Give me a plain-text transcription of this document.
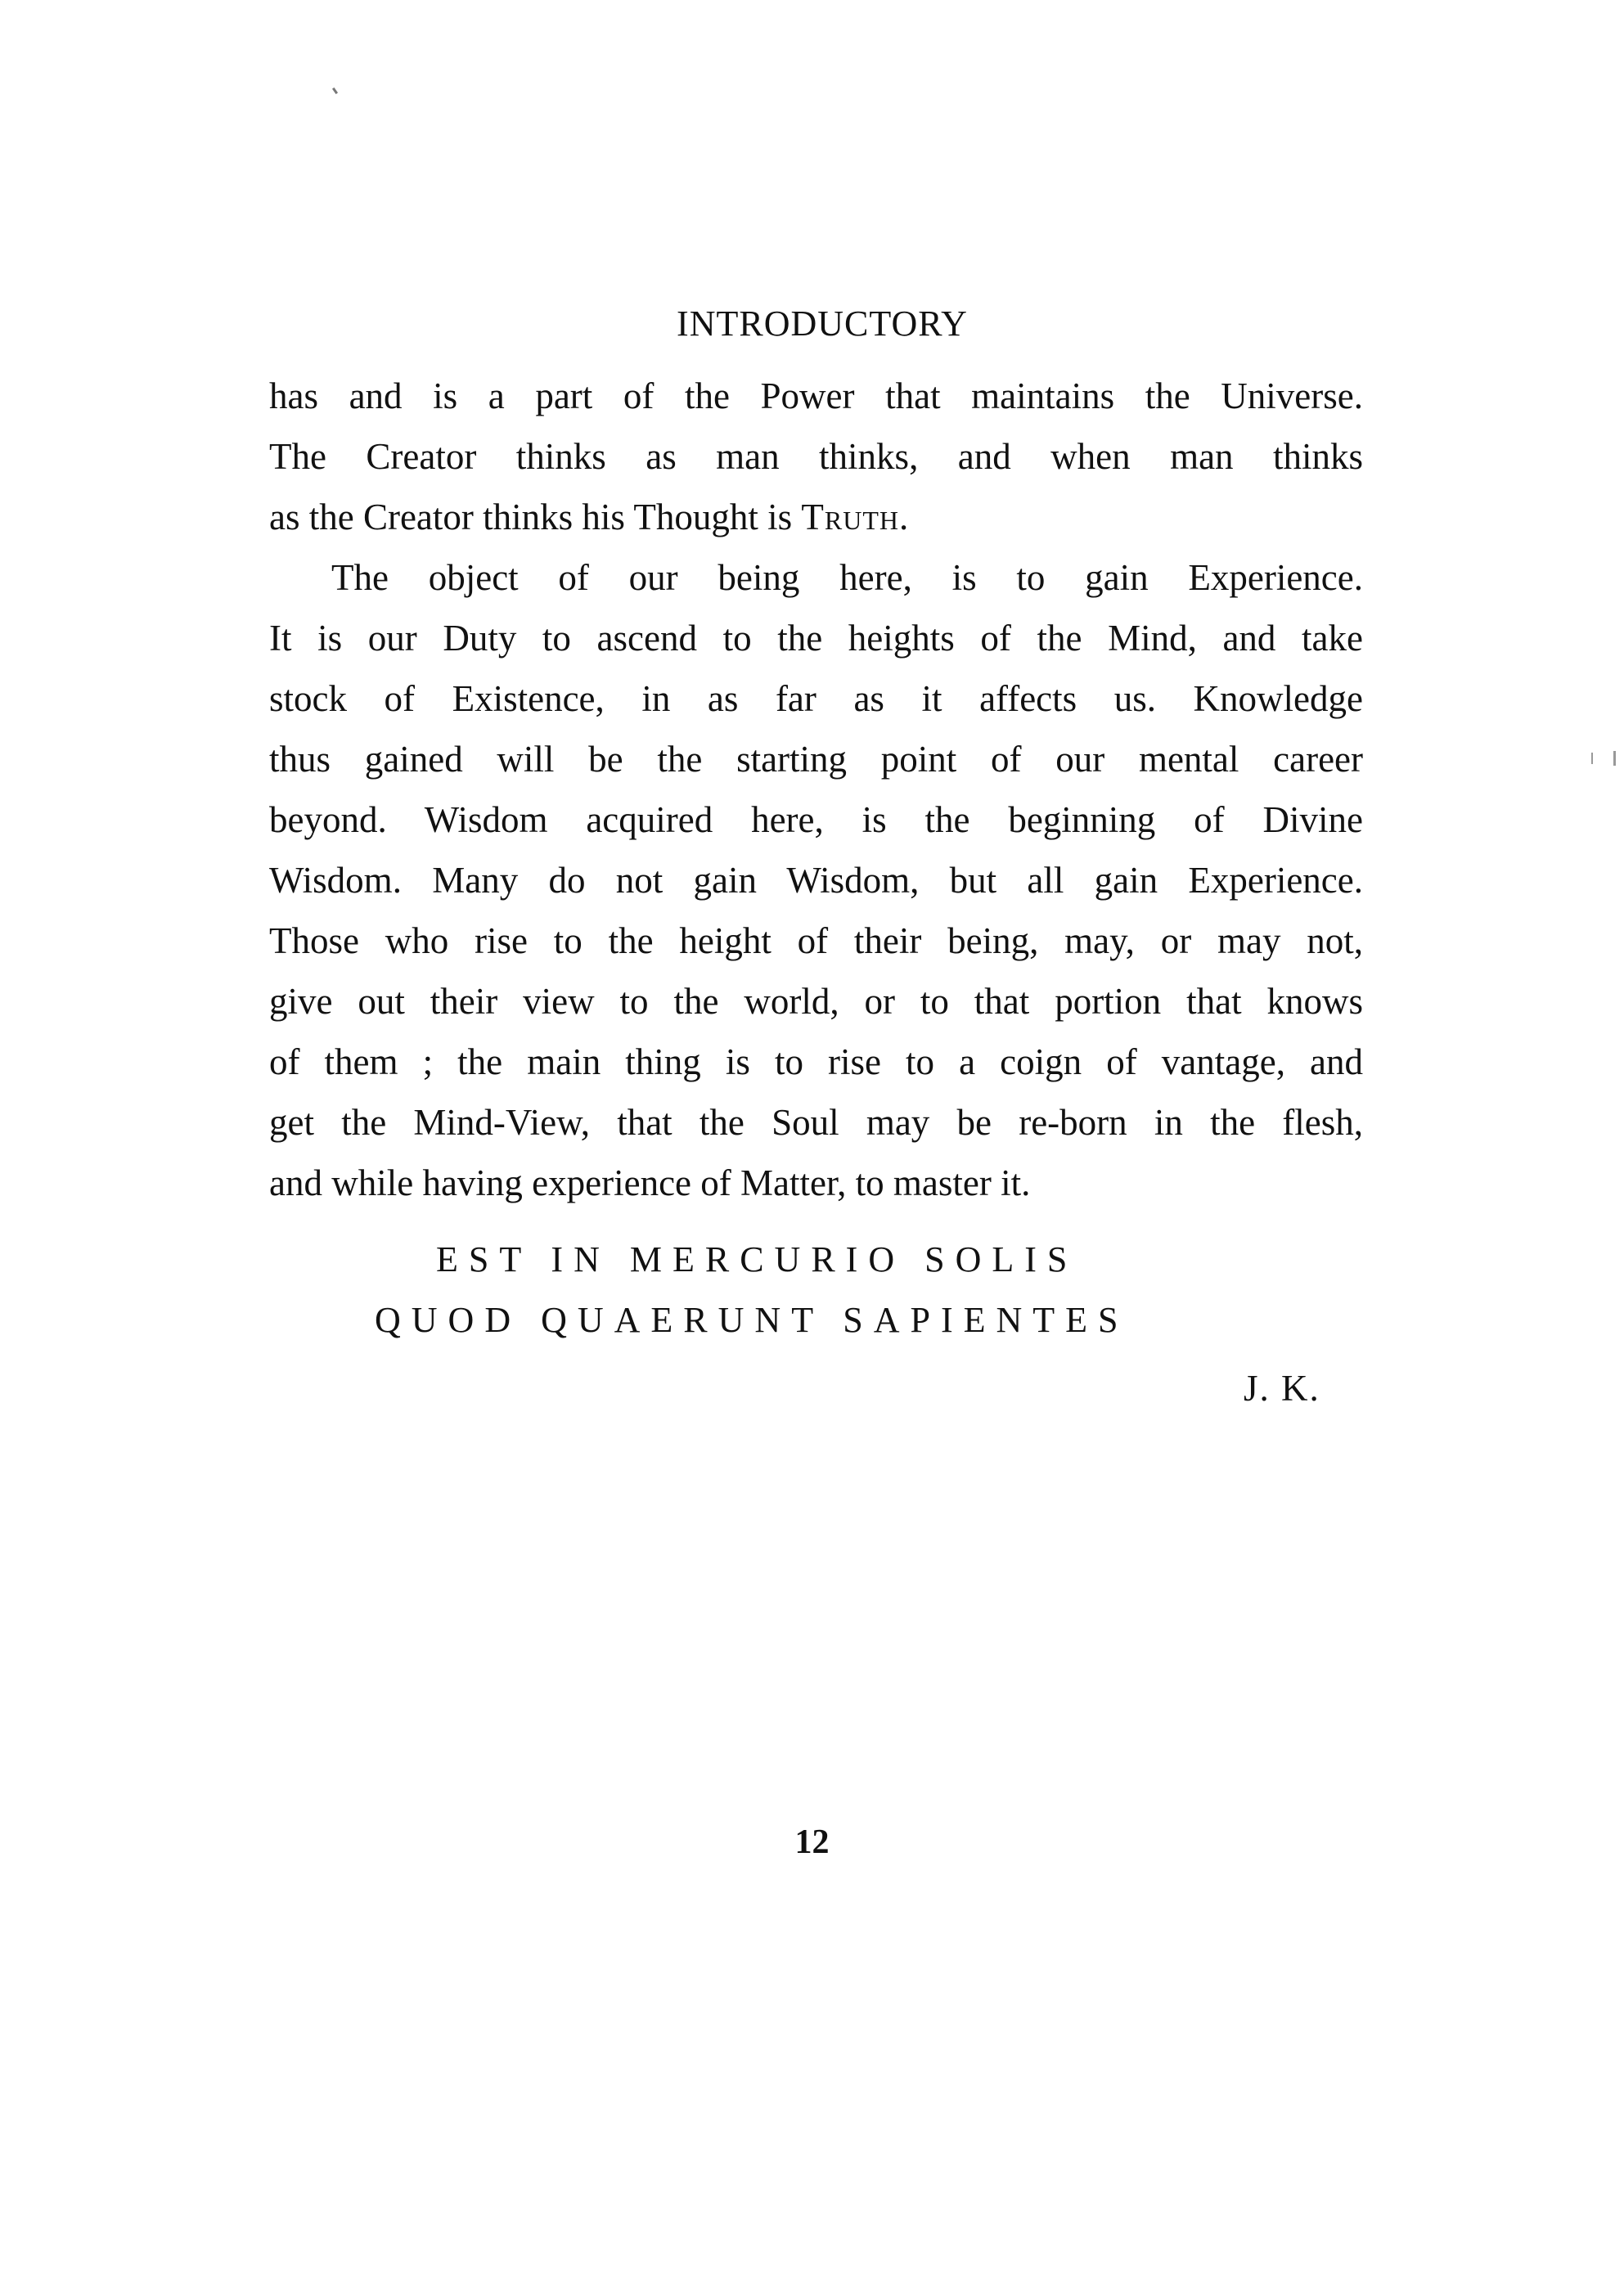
INTRODUCTORY
has and is a part of the Power that maintains the Universe.
The Creator thinks as man thinks, and when man thinks
as the Creator thinks his Thought is Truth.
The object of our being here, is to gain Experience.
It is our Duty to ascend to the heights of the Mind, and take
stock of Existence, in as far as it affects us. Knowledge
thus gained will be the starting point of our mental career
beyond. Wisdom acquired here, is the beginning of Divine
Wisdom. Many do not gain Wisdom, but all gain Experience.
Those who rise to the height of their being, may, or may not,
give out their view to the world, or to that portion that knows
of them ; the main thing is to rise to a coign of vantage, and
get the Mind-View, that the Soul may be re-born in the flesh,
and while having experience of Matter, to master it.
EST IN MERCURIO SOLIS
QUOD QUAERUNT SAPIENTES
J. K.
12
